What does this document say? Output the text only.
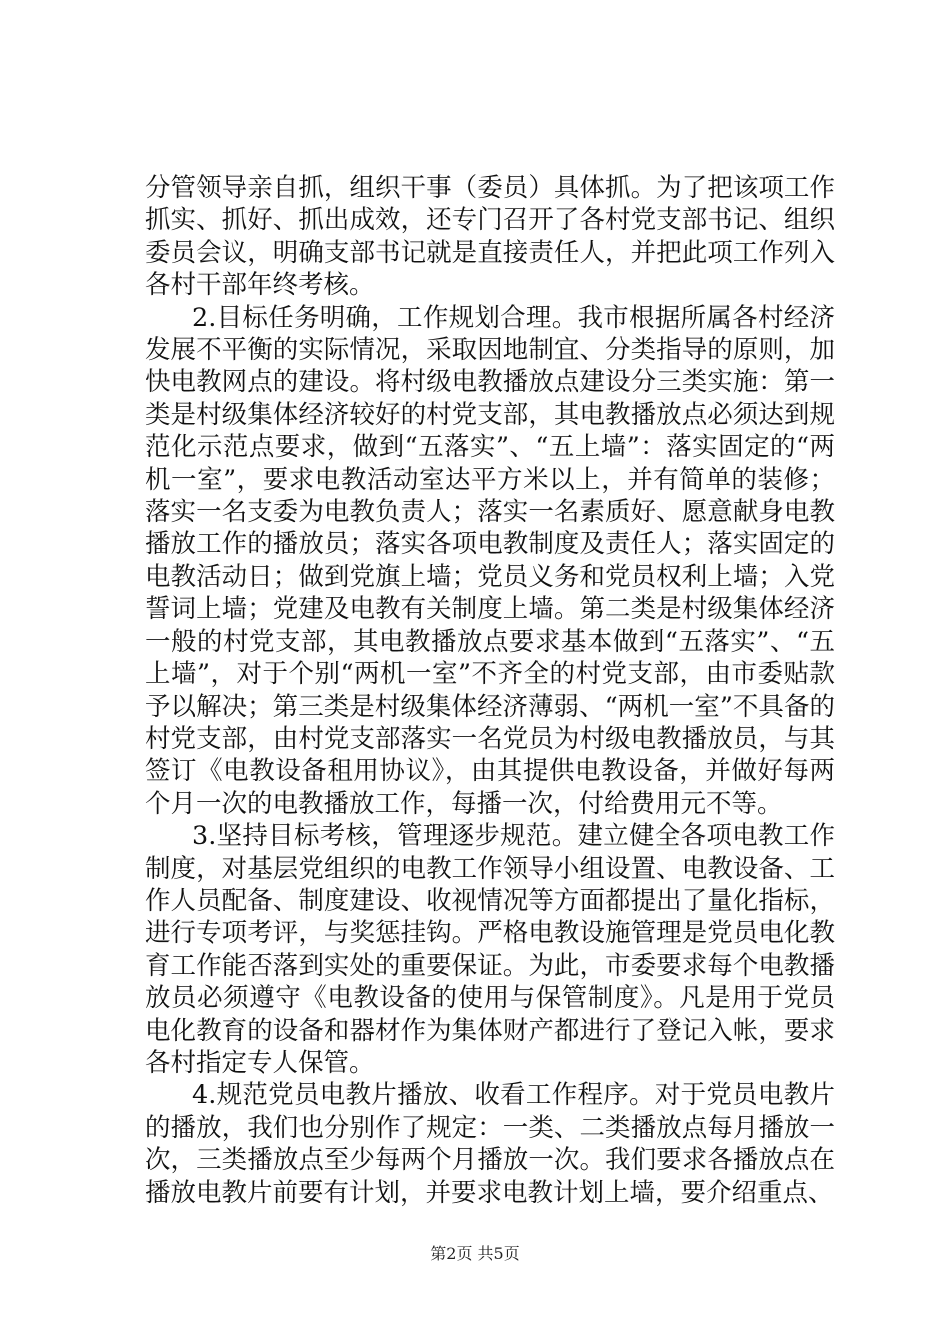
分管领导亲自抓，组织干事（委员）具体抓。为了把该项工作抓实、抓好、抓出成效，还专门召开了各村党支部书记、组织委员会议，明确支部书记就是直接责任人，并把此项工作列入各村干部年终考核。

2.目标任务明确，工作规划合理。我市根据所属各村经济发展不平衡的实际情况，采取因地制宜、分类指导的原则，加快电教网点的建设。将村级电教播放点建设分三类实施：第一类是村级集体经济较好的村党支部，其电教播放点必须达到规范化示范点要求，做到“五落实”、“五上墙”：落实固定的“两机一室”，要求电教活动室达平方米以上，并有简单的装修；落实一名支委为电教负责人；落实一名素质好、愿意献身电教播放工作的播放员；落实各项电教制度及责任人；落实固定的电教活动日；做到党旗上墙；党员义务和党员权利上墙；入党誓词上墙；党建及电教有关制度上墙。第二类是村级集体经济一般的村党支部，其电教播放点要求基本做到“五落实”、“五上墙”，对于个别“两机一室”不齐全的村党支部，由市委贴款予以解决；第三类是村级集体经济薄弱、“两机一室”不具备的村党支部，由村党支部落实一名党员为村级电教播放员，与其签订《电教设备租用协议》，由其提供电教设备，并做好每两个月一次的电教播放工作，每播一次，付给费用元不等。

3.坚持目标考核，管理逐步规范。建立健全各项电教工作制度，对基层党组织的电教工作领导小组设置、电教设备、工作人员配备、制度建设、收视情况等方面都提出了量化指标，进行专项考评，与奖惩挂钩。严格电教设施管理是党员电化教育工作能否落到实处的重要保证。为此，市委要求每个电教播放员必须遵守《电教设备的使用与保管制度》。凡是用于党员电化教育的设备和器材作为集体财产都进行了登记入帐，要求各村指定专人保管。

4.规范党员电教片播放、收看工作程序。对于党员电教片的播放，我们也分别作了规定：一类、二类播放点每月播放一次，三类播放点至少每两个月播放一次。我们要求各播放点在播放电教片前要有计划，并要求电教计划上墙，要介绍重点、

第2页 共5页
